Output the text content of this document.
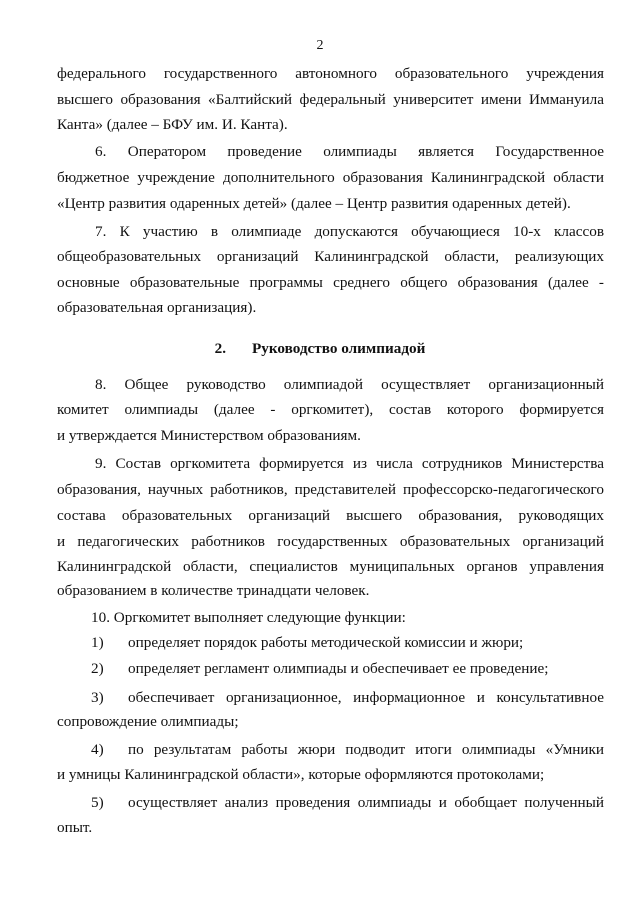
2
федерального государственного автономного образовательного учреждения
высшего образования «Балтийский федеральный университет имени Иммануила
Канта» (далее – БФУ им. И. Канта).
6. Оператором проведение олимпиады является Государственное
бюджетное учреждение дополнительного образования Калининградской области
«Центр развития одаренных детей» (далее – Центр развития одаренных детей).
7. К участию в олимпиаде допускаются обучающиеся 10-х классов
общеобразовательных организаций Калининградской области, реализующих
основные образовательные программы среднего общего образования (далее -
образовательная организация).
2. Руководство олимпиадой
8. Общее руководство олимпиадой осуществляет организационный
комитет олимпиады (далее - оргкомитет), состав которого формируется
и утверждается Министерством образованиям.
9. Состав оргкомитета формируется из числа сотрудников Министерства
образования, научных работников, представителей профессорско-педагогического
состава образовательных организаций высшего образования, руководящих
и педагогических работников государственных образовательных организаций
Калининградской области, специалистов муниципальных органов управления
образованием в количестве тринадцати человек.
10. Оргкомитет выполняет следующие функции:
1) определяет порядок работы методической комиссии и жюри;
2) определяет регламент олимпиады и обеспечивает ее проведение;
3) обеспечивает организационное, информационное и консультативное
сопровождение олимпиады;
4) по результатам работы жюри подводит итоги олимпиады «Умники
и умницы Калининградской области», которые оформляются протоколами;
5) осуществляет анализ проведения олимпиады и обобщает полученный
опыт.
